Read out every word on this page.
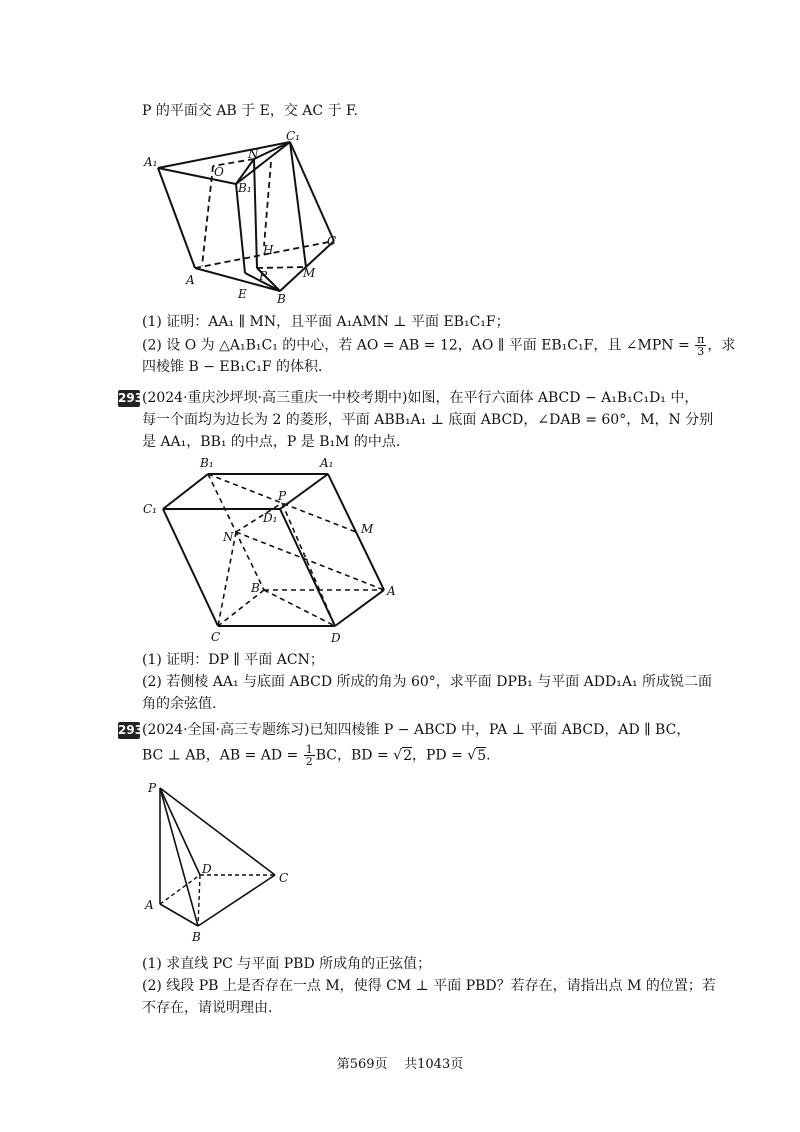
P 的平面交 AB 于 E，交 AC 于 F.
C₁
A₁
N
O
B₁
C
H
M
P
A
E	B
(1) 证明：AA₁ ∥ MN，且平面 A₁AMN ⊥ 平面 EB₁C₁F；
(2) 设 O 为 △A₁B₁C₁ 的中心，若 AO = AB = 12，AO ∥ 平面 EB₁C₁F，且 ∠MPN = $\frac{\pi}{3}$ ，求
四棱锥 B − EB₁C₁F 的体积.
2936
(2024·重庆沙坪坝·高三重庆一中校考期中)如图，在平行六面体 ABCD − A₁B₁C₁D₁ 中，
每一个面均为边长为 2 的菱形，平面 ABB₁A₁ ⊥ 底面 ABCD，∠DAB = 60°，M，N 分别
是 AA₁，BB₁ 的中点，P 是 B₁M 的中点.
B₁	A₁
C₁
P
D₁
M
N
B	A
C	D
(1) 证明：DP ∥ 平面 ACN；
(2) 若侧棱 AA₁ 与底面 ABCD 所成的角为 60°，求平面 DPB₁ 与平面 ADD₁A₁ 所成锐二面
角的余弦值.
2937
(2024·全国·高三专题练习)已知四棱锥 P − ABCD 中，PA ⊥ 平面 ABCD，AD ∥ BC，
BC ⊥ AB，AB = AD = $\frac{1}{2}$ BC，BD = √2，PD = √5.
P
D
C
A
B
(1) 求直线 PC 与平面 PBD 所成角的正弦值；
(2) 线段 PB 上是否存在一点 M，使得 CM ⊥ 平面 PBD？若存在，请指出点 M 的位置；若
不存在，请说明理由.
第569页 共1043页
